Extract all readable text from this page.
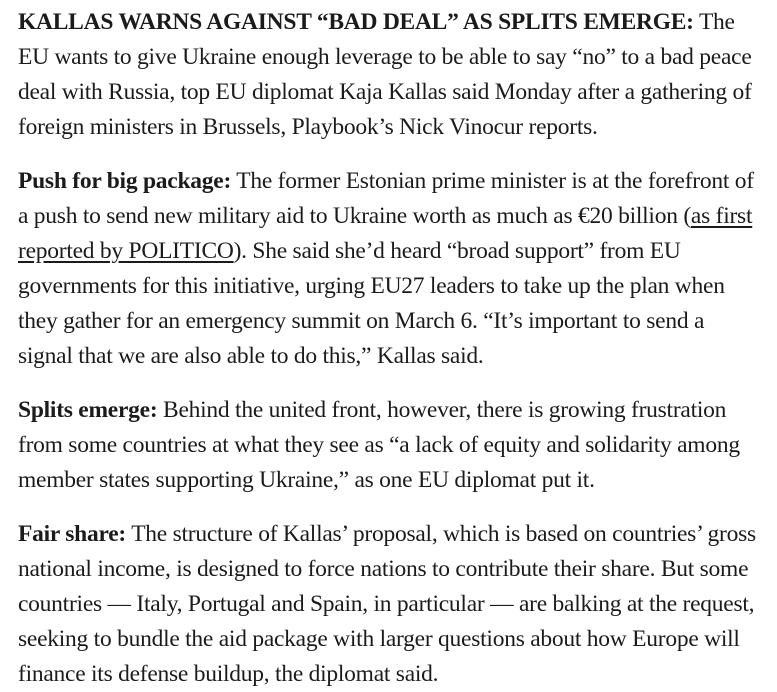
KALLAS WARNS AGAINST “BAD DEAL” AS SPLITS EMERGE: The EU wants to give Ukraine enough leverage to be able to say “no” to a bad peace deal with Russia, top EU diplomat Kaja Kallas said Monday after a gathering of foreign ministers in Brussels, Playbook’s Nick Vinocur reports.

Push for big package: The former Estonian prime minister is at the forefront of a push to send new military aid to Ukraine worth as much as €20 billion (as first reported by POLITICO). She said she’d heard “broad support” from EU governments for this initiative, urging EU27 leaders to take up the plan when they gather for an emergency summit on March 6. “It’s important to send a signal that we are also able to do this,” Kallas said.

Splits emerge: Behind the united front, however, there is growing frustration from some countries at what they see as “a lack of equity and solidarity among member states supporting Ukraine,” as one EU diplomat put it.

Fair share: The structure of Kallas’ proposal, which is based on countries’ gross national income, is designed to force nations to contribute their share. But some countries — Italy, Portugal and Spain, in particular — are balking at the request, seeking to bundle the aid package with larger questions about how Europe will finance its defense buildup, the diplomat said.
